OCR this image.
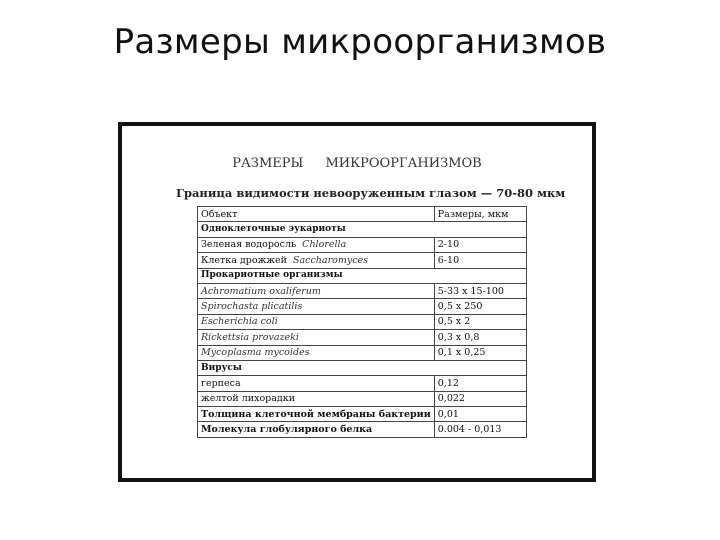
Размеры микроорганизмов
РАЗМЕРЫ МИКРООРГАНИЗМОВ
Граница видимости невооруженным глазом — 70-80 мкм
Объект	Размеры, мкм
Одноклеточные эукариоты	
Зеленая водоросль Chlorella	2-10
Клетка дрожжей Saccharomyces	6-10
Прокариотные организмы	
Achromatium oxaliferum	5-33 x 15-100
Spirochasta plicatilis	0,5 x 250
Escherichia coli	0,5 x 2
Rickettsia provazeki	0,3 x 0,8
Mycoplasma mycoides	0,1 x 0,25
Вирусы	
герпеса	0,12
желтой лихорадки	0,022
Толщина клеточной мембраны бактерии	0,01
Молекула глобулярного белка	0.004 - 0,013
